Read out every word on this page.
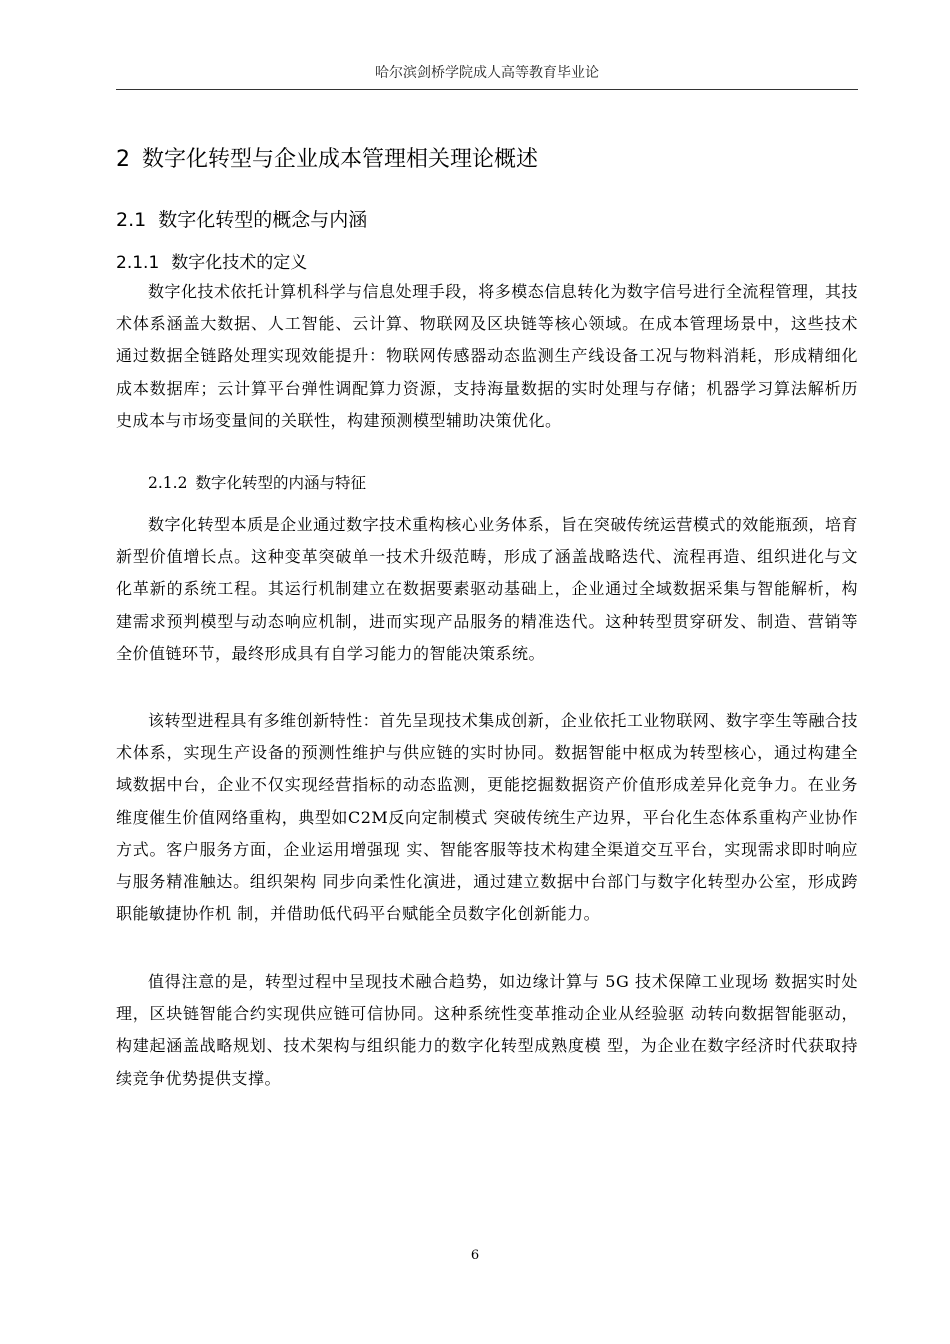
哈尔滨剑桥学院成人高等教育毕业论
2 数字化转型与企业成本管理相关理论概述
2.1 数字化转型的概念与内涵
2.1.1 数字化技术的定义

数字化技术依托计算机科学与信息处理手段，将多模态信息转化为数字信号进行全流程管理，其技术体系涵盖大数据、人工智能、云计算、物联网及区块链等核心领域。在成本管理场景中，这些技术通过数据全链路处理实现效能提升：物联网传感器动态监测生产线设备工况与物料消耗，形成精细化成本数据库；云计算平台弹性调配算力资源，支持海量数据的实时处理与存储；机器学习算法解析历史成本与市场变量间的关联性，构建预测模型辅助决策优化。

2.1.2 数字化转型的内涵与特征

数字化转型本质是企业通过数字技术重构核心业务体系，旨在突破传统运营模式的效能瓶颈，培育新型价值增长点。这种变革突破单一技术升级范畴，形成了涵盖战略迭代、流程再造、组织进化与文化革新的系统工程。其运行机制建立在数据要素驱动基础上，企业通过全域数据采集与智能解析，构建需求预判模型与动态响应机制，进而实现产品服务的精准迭代。这种转型贯穿研发、制造、营销等全价值链环节，最终形成具有自学习能力的智能决策系统。

该转型进程具有多维创新特性：首先呈现技术集成创新，企业依托工业物联网、数字孪生等融合技术体系，实现生产设备的预测性维护与供应链的实时协同。数据智能中枢成为转型核心，通过构建全域数据中台，企业不仅实现经营指标的动态监测，更能挖掘数据资产价值形成差异化竞争力。在业务维度催生价值网络重构，典型如C2M反向定制模式 突破传统生产边界，平台化生态体系重构产业协作方式。客户服务方面，企业运用增强现 实、智能客服等技术构建全渠道交互平台，实现需求即时响应与服务精准触达。组织架构 同步向柔性化演进，通过建立数据中台部门与数字化转型办公室，形成跨职能敏捷协作机 制，并借助低代码平台赋能全员数字化创新能力。

值得注意的是，转型过程中呈现技术融合趋势，如边缘计算与 5G 技术保障工业现场 数据实时处理，区块链智能合约实现供应链可信协同。这种系统性变革推动企业从经验驱 动转向数据智能驱动，构建起涵盖战略规划、技术架构与组织能力的数字化转型成熟度模 型，为企业在数字经济时代获取持续竞争优势提供支撑。

6
